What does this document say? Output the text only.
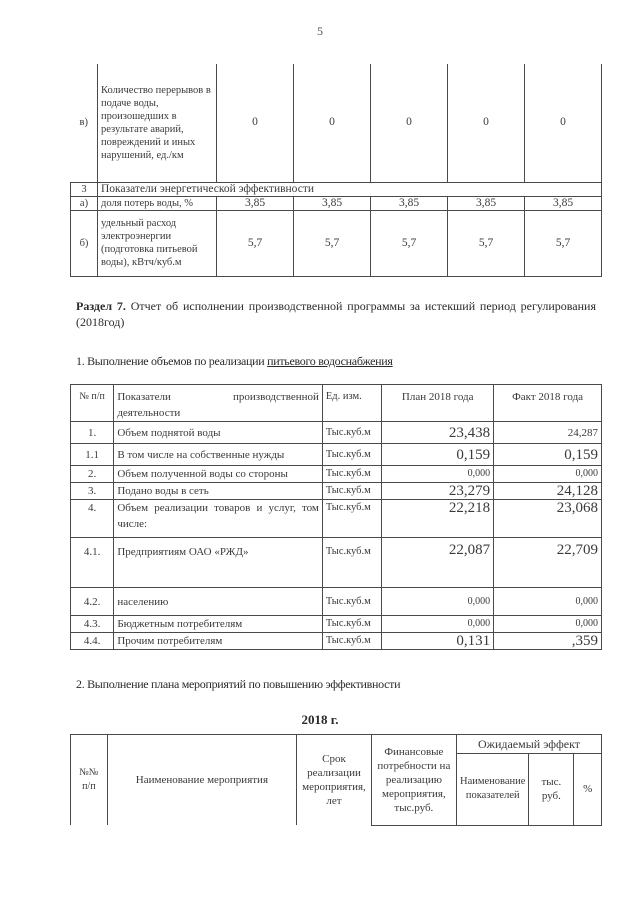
5
в)	Количество перерывов в подаче воды, произошедших в результате аварий, повреждений и иных нарушений, ед./км	0	0	0	0	0
3	Показатели энергетической эффективности					
а)	доля потерь воды, %	3,85	3,85	3,85	3,85	3,85
б)	удельный расход электроэнергии (подготовка питьевой воды), кВтч/куб.м	5,7	5,7	5,7	5,7	5,7
Раздел 7. Отчет об исполнении производственной программы за истекший период регулирования
(2018год)
1. Выполнение объемов по реализации питьевого водоснабжения
№ п/п	Показатели производственной деятельности	Ед. изм.	План 2018 года	Факт 2018 года
1.	Объем поднятой воды	Тыс.куб.м	23,438	24,287
1.1	В том числе на собственные нужды	Тыс.куб.м	0,159	0,159
2.	Объем полученной воды со стороны	Тыс.куб.м	0,000	0,000
3.	Подано воды в сеть	Тыс.куб.м	23,279	24,128
4.	Объем реализации товаров и услуг, том числе:	Тыс.куб.м	22,218	23,068
4.1.	Предприятиям ОАО «РЖД»	Тыс.куб.м	22,087	22,709
4.2.	населению	Тыс.куб.м	0,000	0,000
4.3.	Бюджетным потребителям	Тыс.куб.м	0,000	0,000
4.4.	Прочим потребителям	Тыс.куб.м	0,131	,359
2. Выполнение плана мероприятий по повышению эффективности
2018 г.
№№ п/п	Наименование мероприятия	Срок реализации мероприятия, лет	Финансовые потребности на реализацию мероприятия, тыс.руб.	Ожидаемый эффект		
				Наименование показателей	тыс. руб.	%
